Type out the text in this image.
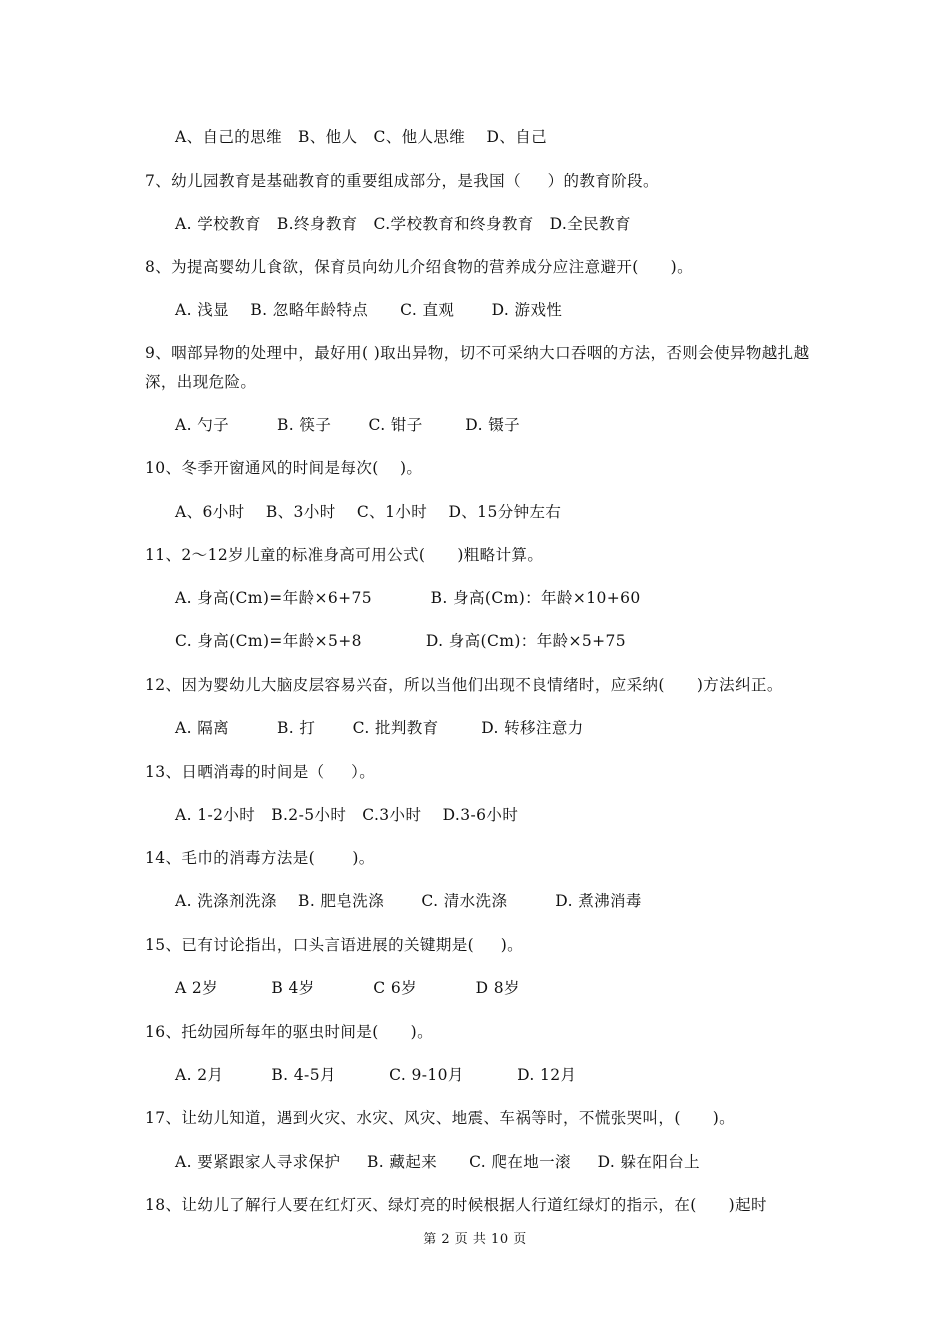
A、自己的思维   B、他人   C、他人思维    D、自己
7、幼儿园教育是基础教育的重要组成部分，是我国（     ）的教育阶段。
A. 学校教育   B.终身教育   C.学校教育和终身教育   D.全民教育
8、为提高婴幼儿食欲，保育员向幼儿介绍食物的营养成分应注意避开(      )。
A. 浅显    B. 忽略年龄特点      C. 直观       D. 游戏性
9、咽部异物的处理中，最好用( )取出异物，切不可采纳大口吞咽的方法，否则会使异物越扎越深，出现危险。
A. 勺子         B. 筷子       C. 钳子        D. 镊子
10、冬季开窗通风的时间是每次(    )。
A、6小时    B、3小时    C、1小时    D、15分钟左右
11、2～12岁儿童的标准身高可用公式(      )粗略计算。
A. 身高(Cm)=年龄×6+75           B. 身高(Cm)：年龄×10+60
C. 身高(Cm)=年龄×5+8            D. 身高(Cm)：年龄×5+75
12、因为婴幼儿大脑皮层容易兴奋，所以当他们出现不良情绪时，应采纳(      )方法纠正。
A. 隔离         B. 打       C. 批判教育        D. 转移注意力
13、日晒消毒的时间是（     ）。
A. 1-2小时   B.2-5小时   C.3小时    D.3-6小时
14、毛巾的消毒方法是(       )。
A. 洗涤剂洗涤    B. 肥皂洗涤       C. 清水洗涤         D. 煮沸消毒
15、已有讨论指出，口头言语进展的关键期是(     )。
A 2岁          B 4岁           C 6岁           D 8岁
16、托幼园所每年的驱虫时间是(      )。
A. 2月         B. 4-5月          C. 9-10月          D. 12月
17、让幼儿知道，遇到火灾、水灾、风灾、地震、车祸等时，不慌张哭叫，(      )。
A. 要紧跟家人寻求保护     B. 藏起来      C. 爬在地一滚     D. 躲在阳台上
18、让幼儿了解行人要在红灯灭、绿灯亮的时候根据人行道红绿灯的指示，在(      )起时
第 2 页 共 10 页
